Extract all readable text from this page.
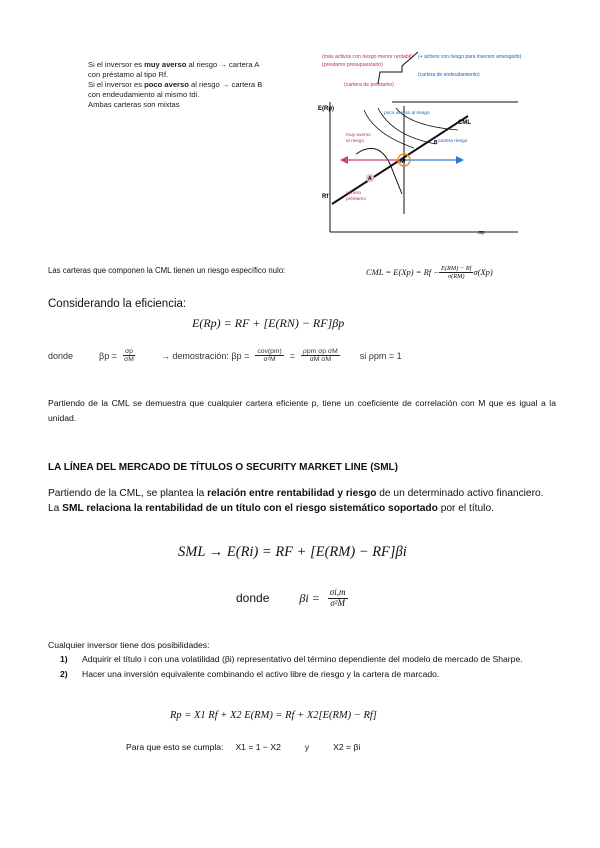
Si el inversor es muy averso al riesgo → cartera A
con préstamo al tipo Rf.
Si el inversor es poco averso al riesgo → cartera B
con endeudamiento al mismo tdi.
Ambas carteras son mixtas
(más activos con riesgo menor rentabil)
(prestamo presupuestario)
(cartera de préstamo)
(+ activos con riesgo para inversor arriesgado)
(cartera de endeudamiento)
E(Rp)
Rf
σp
CML
poco averso al riesgo
muy averso
al riesgo	cartera riesgo
cartera
préstamo
M
A
B
Las carteras que componen la CML tienen un riesgo específico nulo:	CML = $E(Xp) = Rf - \frac{E(RM) - Rf}{\sigma(RM)} \sigma(Xp)$
Considerando la eficiencia:
E(Rp) = RF + [E(RN) − RF]βp
donde	$\beta p = \frac{\sigma p}{\sigma M}$	→ demostración: $\beta p = \frac{\text{cov(pm)}}{\text{σ²M}} = \frac{\text{ρpm σp σM}}{\text{σM σM}}$ si ρpm = 1
Partiendo de la CML se demuestra que cualquier cartera eficiente p, tiene un coeficiente de correlación con M que es igual a la unidad.
LA LÍNEA DEL MERCADO DE TÍTULOS O SECURITY MARKET LINE (SML)
Partiendo de la CML, se plantea la relación entre rentabilidad y riesgo de un determinado activo financiero.
La SML relaciona la rentabilidad de un título con el riesgo sistemático soportado por el título.
SML → E(Ri) = RF + [E(RM) − RF]βi
donde	$\beta i = \frac{\sigma i,m}{\text{σ²M}}$
Cualquier inversor tiene dos posibilidades:
1)	Adquirir el título i con una volatilidad (βi) representativo del término dependiente del modelo de mercado de Sharpe.
2)	Hacer una inversión equivalente combinando el activo libre de riesgo y la cartera de marcado.
Rp = X1 Rf + X2 E(RM) = Rf + X2[E(RM) − Rf]
Para que esto se cumpla: X1 = 1 − X2	y	X2 = βi
